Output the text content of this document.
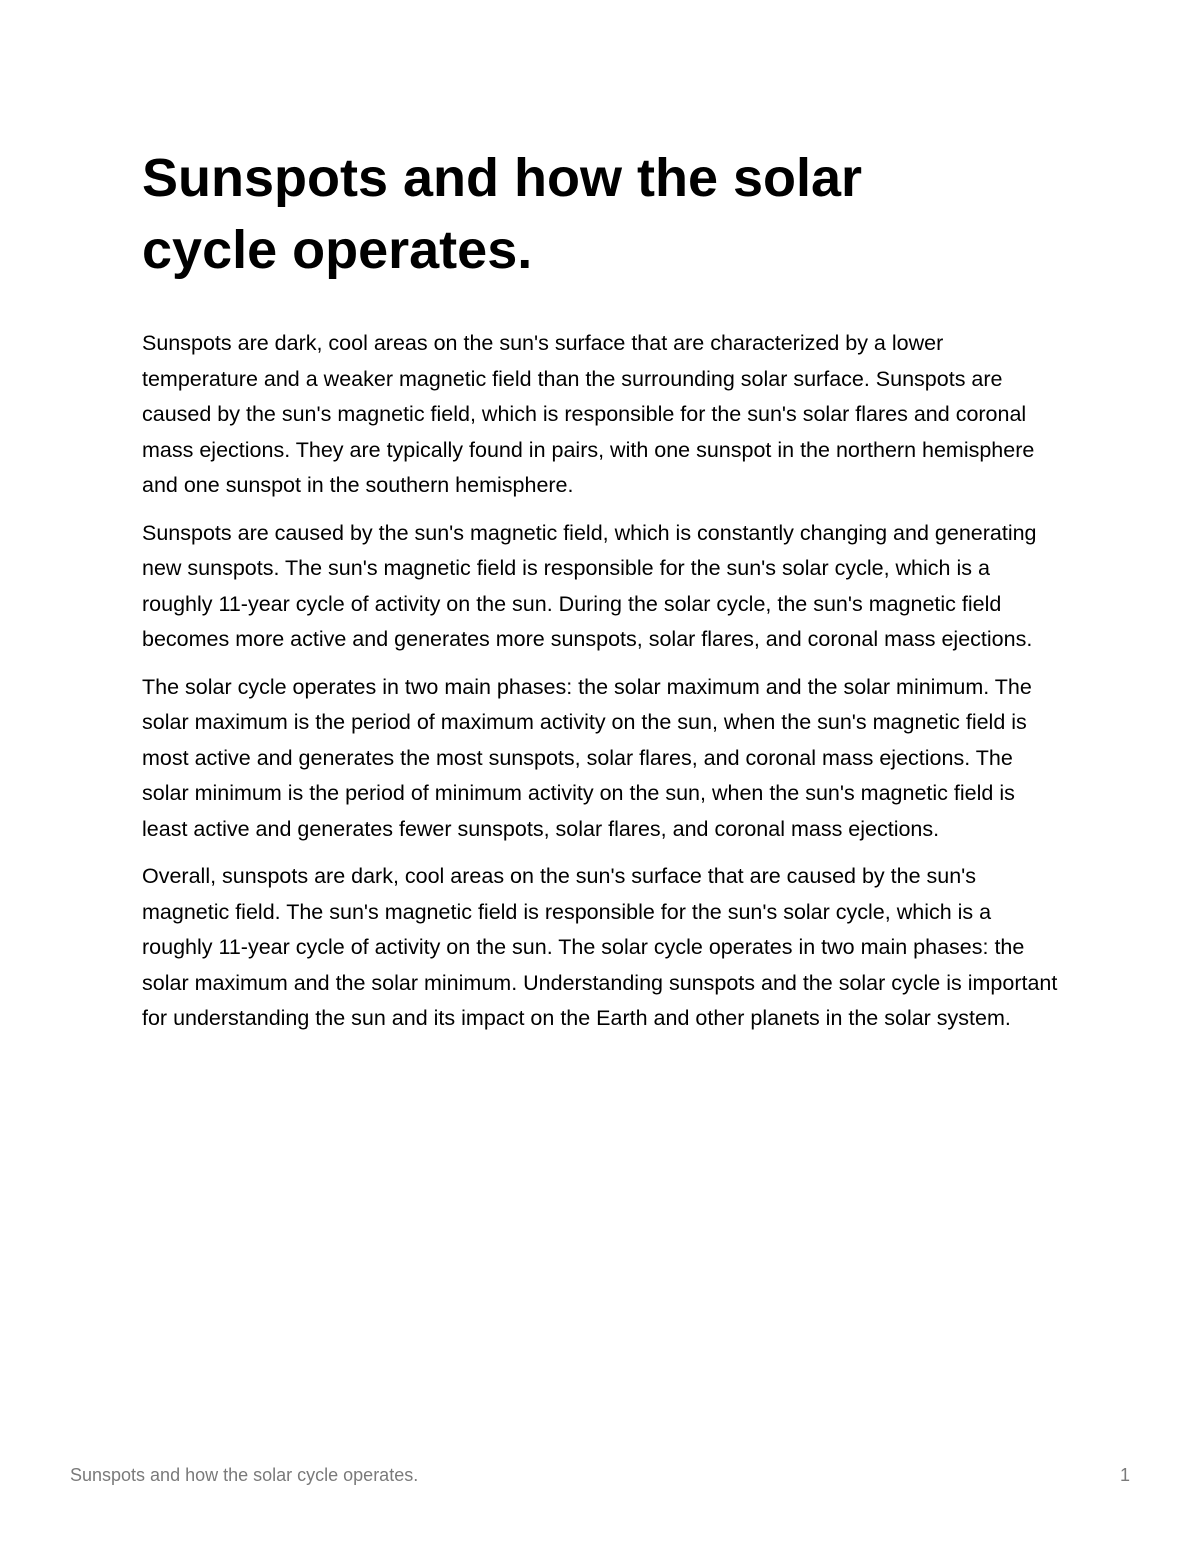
Sunspots and how the solar cycle operates.

Sunspots are dark, cool areas on the sun's surface that are characterized by a lower temperature and a weaker magnetic field than the surrounding solar surface. Sunspots are caused by the sun's magnetic field, which is responsible for the sun's solar flares and coronal mass ejections. They are typically found in pairs, with one sunspot in the northern hemisphere and one sunspot in the southern hemisphere.

Sunspots are caused by the sun's magnetic field, which is constantly changing and generating new sunspots. The sun's magnetic field is responsible for the sun's solar cycle, which is a roughly 11-year cycle of activity on the sun. During the solar cycle, the sun's magnetic field becomes more active and generates more sunspots, solar flares, and coronal mass ejections.

The solar cycle operates in two main phases: the solar maximum and the solar minimum. The solar maximum is the period of maximum activity on the sun, when the sun's magnetic field is most active and generates the most sunspots, solar flares, and coronal mass ejections. The solar minimum is the period of minimum activity on the sun, when the sun's magnetic field is least active and generates fewer sunspots, solar flares, and coronal mass ejections.

Overall, sunspots are dark, cool areas on the sun's surface that are caused by the sun's magnetic field. The sun's magnetic field is responsible for the sun's solar cycle, which is a roughly 11-year cycle of activity on the sun. The solar cycle operates in two main phases: the solar maximum and the solar minimum. Understanding sunspots and the solar cycle is important for understanding the sun and its impact on the Earth and other planets in the solar system.

Sunspots and how the solar cycle operates.	1
